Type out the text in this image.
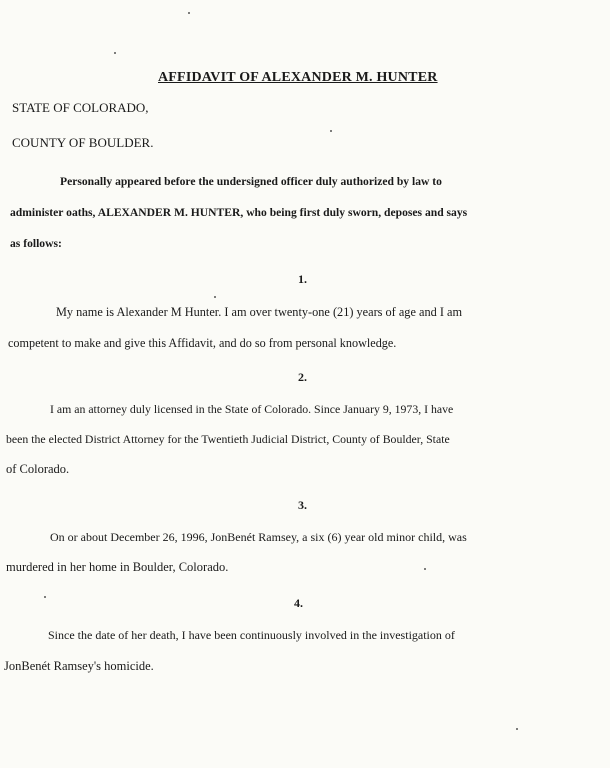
AFFIDAVIT OF ALEXANDER M. HUNTER
STATE OF COLORADO,
COUNTY OF BOULDER.
Personally appeared before the undersigned officer duly authorized by law to
administer oaths, ALEXANDER M. HUNTER, who being first duly sworn, deposes and says
as follows:
1.
My name is Alexander M Hunter. I am over twenty-one (21) years of age and I am
competent to make and give this Affidavit, and do so from personal knowledge.
2.
I am an attorney duly licensed in the State of Colorado. Since January 9, 1973, I have
been the elected District Attorney for the Twentieth Judicial District, County of Boulder, State
of Colorado.
3.
On or about December 26, 1996, JonBenét Ramsey, a six (6) year old minor child, was
murdered in her home in Boulder, Colorado.
4.
Since the date of her death, I have been continuously involved in the investigation of
JonBenét Ramsey's homicide.
